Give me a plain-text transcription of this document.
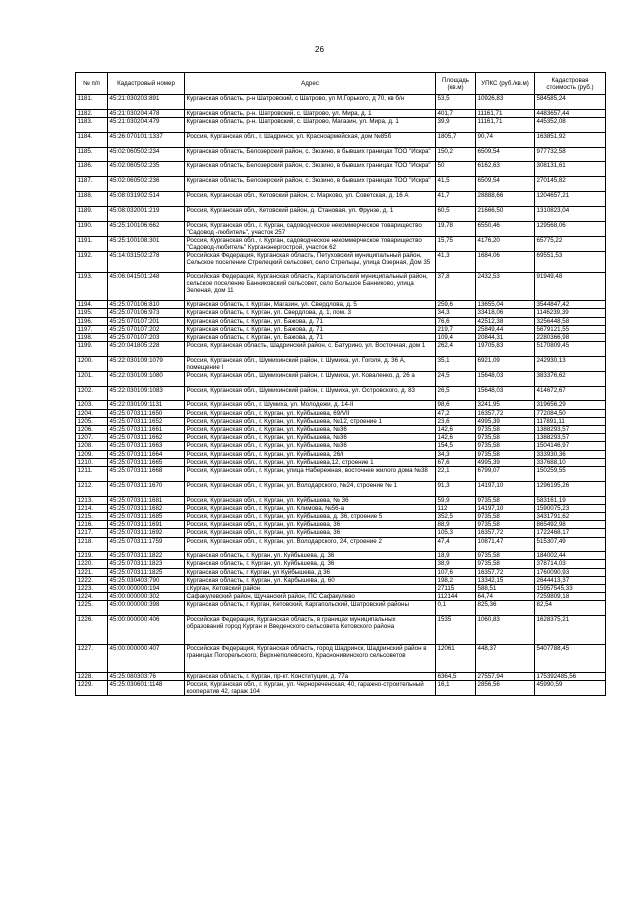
26
№ п/п	Кадастровый номер	Адрес	Площадь (кв.м)	УПКС (руб./кв.м)	Кадастровая стоимость (руб.)
1181.	45:21:030203:891	Курганская область, р-н Шатровский, с Шатрово, ул М.Горького, д 70, кв б/н	53,5	10926,83	584585,24
1182.	45:21:030204:478	Курганская область, р-н. Шатровский, с. Шатрово, ул. Мира, д. 1	401,7	11161,71	4483657,44
1183.	45:21:030204:479	Курганская область, р-н. Шатровский, с. Шатрово, Магазин, ул. Мира, д. 1	39,9	11161,71	445352,08
1184.	45:26:070101:1337	Россия, Курганская обл., г. Шадринск, ул. Красноармейская, дом №85б	1805,7	90,74	163851,92
1185.	45:02:060502:234	Курганская область, Белозерский район, с. Зюзино, в бывших границах ТОО "Искра"	150,2	6509,54	977732,58
1186.	45:02:060502:235	Курганская область, Белозерский район, с. Зюзино, в бывших границах ТОО "Искра"	50	6162,63	308131,61
1187.	45:02:060502:236	Курганская область, Белозерский район, с. Зюзино, в бывших границах ТОО "Искра"	41,5	6509,54	270145,82
1188.	45:08:031902:514	Россия, Курганская обл., Кетовский район, с. Марково, ул. Советская, д. 16 А	41,7	28888,66	1204657,21
1189.	45:08:032001:219	Россия, Курганская обл., Кетовский район, д. Становая, ул. Фрунзе, д. 1	60,5	21666,50	1310823,04
1190.	45:25:100106:662	Россия, Курганская обл., г. Курган, садоводческое некоммерческое товарищество "Садовод -любитель", участок 257	19,78	6550,46	129568,06
1191.	45:25:100108:301	Россия, Курганская обл., г. Курган, садоводческое некоммерческое товарищество "Садовод-любитель" Курганэнергострой, участок 62	15,75	4176,20	65775,22
1192.	45:14:031502:278	Российская Федерация, Курганская область, Петуховский муниципальный район, Сельское поселение Стрелецкий сельсовет, село Стрельцы, улица Озерная, Дом 35	41,3	1684,06	69551,53
1193.	45:06:041501:248	Российская Федерация, Курганская область, Каргапольский муниципальный район, сельское поселение Банниковский сельсовет, село Большое Банниково, улица Зеленая, дом 11	37,8	2432,53	91949,48
1194.	45:25:070106:810	Курганская область, г. Курган, Магазин, ул. Свердлова, д. 5	259,6	13655,04	3544847,42
1195.	45:25:070106:973	Курганская область, г. Курган, ул. Свердлова, д. 1, пом. 3	34,3	33418,06	1146239,39
1196.	45:25:070107:201	Курганская область, г. Курган, ул. Бажова, д. 71	76,6	42512,38	3256448,58
1197.	45:25:070107:202	Курганская область, г. Курган, ул. Бажова, д. 71	219,7	25849,44	5679121,55
1198.	45:25:070107:203	Курганская область, г. Курган, ул. Бажова, д. 71	109,4	20844,31	2280366,98
1199.	45:20:041805:228	Россия, Курганская область, Шадринский район, с. Батурино, ул. Восточная, дом 1	262,4	19705,83	5170809,45
1200.	45:22:030109:1079	Россия, Курганская обл., Шумихинский район, г. Шумиха, ул. Гоголя, д. 36 А, помещение I	35,1	6921,09	242930,13
1201.	45:22:030109:1080	Россия, Курганская обл., Шумихинский район, г. Шумиха, ул. Коваленко, д. 26 а	24,5	15648,03	383376,62
1202.	45:22:030109:1083	Россия, Курганская обл., Шумихинский район, г. Шумиха, ул. Островского, д. 83	26,5	15648,03	414672,67
1203.	45:22:030109:1131	Россия, Курганская обл., г. Шумиха, ул. Молодежи, д. 14-II	98,6	3241,95	319656,29
1204.	45:25:070311:1650	Россия, Курганская обл., г. Курган, ул. Куйбышева, 69/VII	47,2	16357,72	772084,50
1205.	45:25:070311:1652	Россия, Курганская обл., г. Курган, ул. Куйбышева, №12, строение 1	23,6	4995,39	117891,11
1206.	45:25:070311:1661	Россия, Курганская обл., г. Курган, ул. Куйбышева, №36	142,6	9735,58	1388293,57
1207.	45:25:070311:1662	Россия, Курганская обл., г. Курган, ул. Куйбышева, №36	142,6	9735,58	1388293,57
1208.	45:25:070311:1663	Россия, Курганская обл., г. Курган, ул. Куйбышева, №36	154,5	9735,58	1504146,97
1209.	45:25:070311:1664	Россия, Курганская обл., г. Курган, ул. Куйбышева, 26/I	34,3	9735,58	333930,36
1210.	45:25:070311:1665	Россия, Курганская обл., г. Курган, ул. Куйбышева,12, строение 1	67,6	4995,39	337688,10
1211.	45:25:070311:1668	Россия, Курганская обл., г. Курган, улица Набережная, восточнее жилого дома №38	22,1	6799,07	150259,55
1212.	45:25:070311:1670	Россия, Курганская обл., г. Курган, ул. Володарского, №24, строение № 1	91,3	14197,10	1296195,26
1213.	45:25:070311:1681	Россия, Курганская обл., г. Курган, ул. Куйбышева, № 36	59,9	9735,58	583161,19
1214.	45:25:070311:1682	Россия, Курганская обл., г. Курган, ул. Климова, №56-а	112	14197,10	1590075,23
1215.	45:25:070311:1685	Россия, Курганская обл., г. Курган, ул. Куйбышева, д. 36, строение 5	352,5	9735,58	3431791,62
1216.	45:25:070311:1691	Россия, Курганская обл., г. Курган, ул. Куйбышева, 36	88,9	9735,58	865492,98
1217.	45:25:070311:1692	Россия, Курганская обл., г. Курган, ул. Куйбышева, 36	105,3	16357,72	1722468,17
1218.	45:25:070311:1759	Россия, Курганская обл., г. Курган, ул. Володарского, 24, строение 2	47,4	10871,47	515307,49
1219.	45:25:070311:1822	Курганская область, г. Курган, ул. Куйбышева, д. 36	18,9	9735,58	184002,44
1220.	45:25:070311:1823	Курганская область, г. Курган, ул. Куйбышева, д. 36	38,9	9735,58	378714,03
1221.	45:25:070311:1825	Курганская область, г Курган, ул Куйбышева, д 36	107,6	16357,72	1760090,93
1222.	45:25:030403:790	Курганская область, г. Курган, ул. Карбышева, д. 60	198,2	13342,15	2644413,37
1223.	45:00:000000:194	г.Курган, Кетовский район	27115	588,51	15957545,33
1224.	45:00:000000:302	Сафакулевский район, Щучанский район, ПС Сафакулево	112144	64,74	7259809,18
1225.	45:00:000000:398	Курганская область, г Курган, Кетовский, Каргапольский, Шатровский районы	0,1	825,36	82,54
1226.	45:00:000000:406	Российская Федерация, Курганская область, в границах муниципальных образований город Курган и Введенского сельсовета Кетовского района	1535	1060,83	1628375,21
1227.	45:00:000000:407	Российская Федерация, Курганская область, город Шадринск, Шадринский район в границах Погорельского, Верхнеполевского, Краснонивинского сельсоветов	12061	448,37	5407788,45
1228.	45:25:080303:76	Курганская область, г. Курган, пр-кт. Конституции, д. 77а	6364,5	27557,94	175392485,56
1229.	45:25:030601:1148	Россия, Курганская обл., г. Курган, ул. Чернореченская, 40, гаражно-строительный кооператив 42, гараж 104	16,1	2856,56	45990,59
